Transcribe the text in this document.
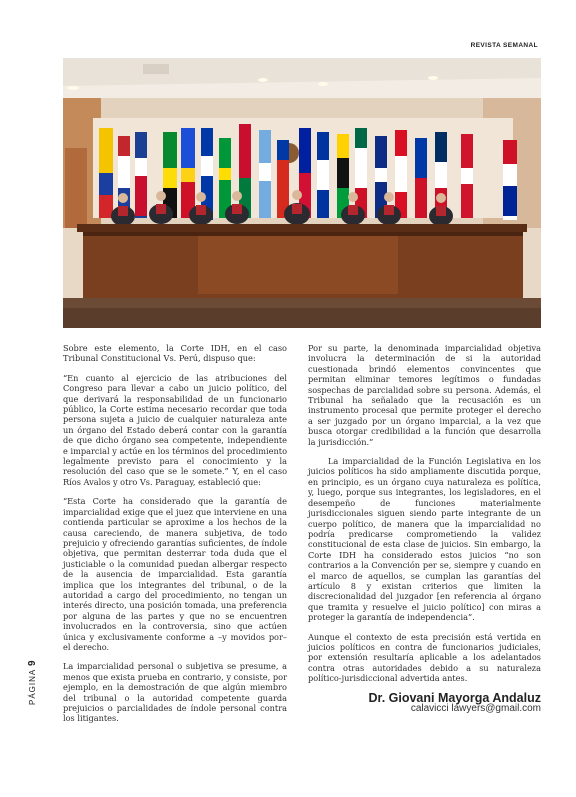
REVISTA SEMANAL

Sobre este elemento, la Corte IDH, en el caso Tribunal Constitucional Vs. Perú, dispuso que:

“En cuanto al ejercicio de las atribuciones del Congreso para llevar a cabo un juicio político, del que derivará la responsabilidad de un funcionario público, la Corte estima necesario recordar que toda persona sujeta a juicio de cualquier naturaleza ante un órgano del Estado deberá contar con la garantía de que dicho órgano sea competente, independiente e imparcial y actúe en los términos del procedimiento legalmente previsto para el conocimiento y la resolución del caso que se le somete.” Y, en el caso Ríos Avalos y otro Vs. Paraguay, estableció que:

“Esta Corte ha considerado que la garantía de imparcialidad exige que el juez que interviene en una contienda particular se aproxime a los hechos de la causa careciendo, de manera subjetiva, de todo prejuicio y ofreciendo garantías suficientes, de índole objetiva, que permitan desterrar toda duda que el justiciable o la comunidad puedan albergar respecto de la ausencia de imparcialidad. Esta garantía implica que los integrantes del tribunal, o de la autoridad a cargo del procedimiento, no tengan un interés directo, una posición tomada, una preferencia por alguna de las partes y que no se encuentren involucrados en la controversia, sino que actúen única y exclusivamente conforme a –y movidos por– el derecho.

La imparcialidad personal o subjetiva se presume, a menos que exista prueba en contrario, y consiste, por ejemplo, en la demostración de que algún miembro del tribunal o la autoridad competente guarda prejuicios o parcialidades de índole personal contra los litigantes.

Por su parte, la denominada imparcialidad objetiva involucra la determinación de si la autoridad cuestionada brindó elementos convincentes que permitan eliminar temores legítimos o fundadas sospechas de parcialidad sobre su persona. Además, el Tribunal ha señalado que la recusación es un instrumento procesal que permite proteger el derecho a ser juzgado por un órgano imparcial, a la vez que busca otorgar credibilidad a la función que desarrolla la jurisdicción.”

La imparcialidad de la Función Legislativa en los juicios políticos ha sido ampliamente discutida porque, en principio, es un órgano cuya naturaleza es política, y, luego, porque sus integrantes, los legisladores, en el desempeño de funciones materialmente jurisdiccionales siguen siendo parte integrante de un cuerpo político, de manera que la imparcialidad no podría predicarse comprometiendo la validez constitucional de esta clase de juicios. Sin embargo, la Corte IDH ha considerado estos juicios “no son contrarios a la Convención per se, siempre y cuando en el marco de aquellos, se cumplan las garantías del artículo 8 y existan criterios que limiten la discrecionalidad del juzgador [en referencia al órgano que tramita y resuelve el juicio político] con miras a proteger la garantía de independencia”.

Aunque el contexto de esta precisión está vertida en juicios políticos en contra de funcionarios judiciales, por extensión resultaría aplicable a los adelantados contra otras autoridades debido a su naturaleza político-jurisdiccional advertida antes.

Dr. Giovani Mayorga Andaluz
calavicci lawyers@gmail.com
PÁGINA 9
